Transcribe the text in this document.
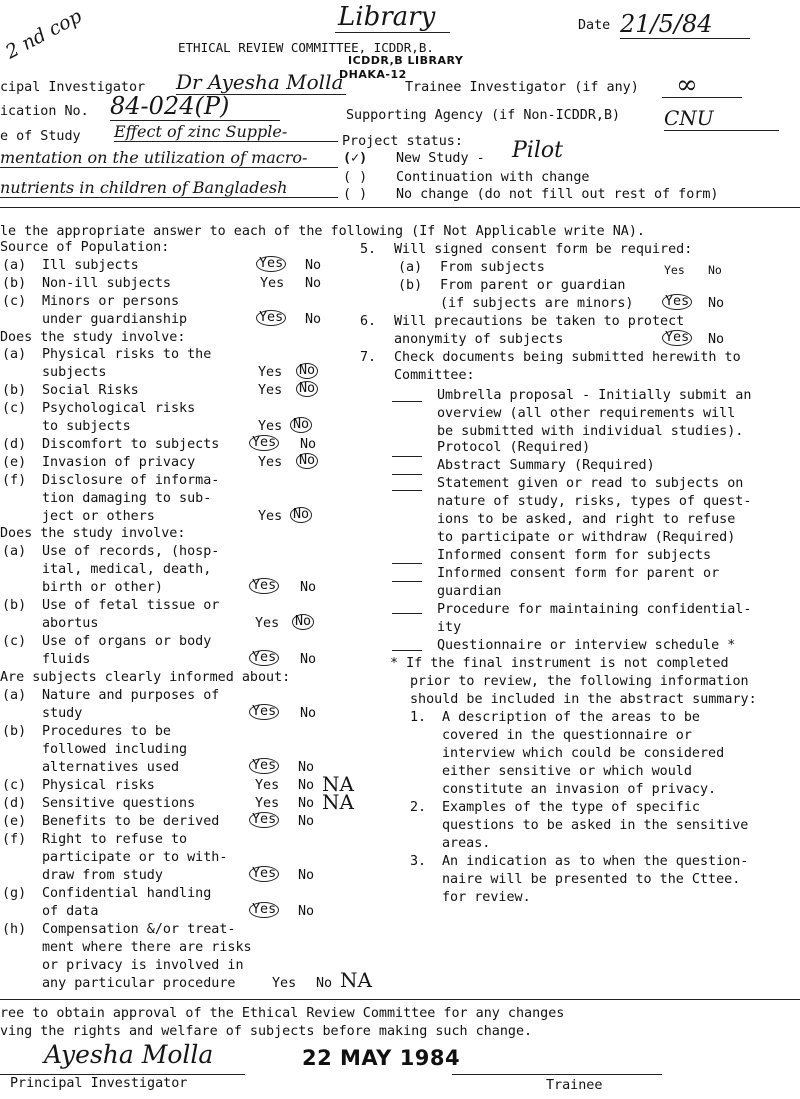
Library
2 nd cop	ETHICAL REVIEW COMMITTEE, ICDDR,B.
ICDDR,B LIBRARY
Date 21/5/84
cipal Investigator Dr Ayesha Molla
DHAKA-12
Trainee Investigator (if any) ∞
ication No. 84-024(P)	Supporting Agency (if Non-ICDDR,B) CNU
e of Study Effect of zinc Supple-
mentation on the utilization of macro-
nutrients in children of Bangladesh
Project status:
(✓) New Study - Pilot
( ) Continuation with change
( ) No change (do not fill out rest of form)
le the appropriate answer to each of the following (If Not Applicable write NA).
Source of Population:
(a) Ill subjects	Yes No
(b) Non-ill subjects	Yes No
(c) Minors or persons
under guardianship	Yes No
Does the study involve:
(a) Physical risks to the
subjects	Yes No
(b) Social Risks	Yes No
(c) Psychological risks
to subjects	Yes No
(d) Discomfort to subjects Yes No
(e) Invasion of privacy	Yes No
(f) Disclosure of informa-
tion damaging to sub-
ject or others	Yes No
Does the study involve:
(a) Use of records, (hosp-
ital, medical, death,
birth or other)	Yes No
(b) Use of fetal tissue or
abortus	Yes No
(c) Use of organs or body
fluids	Yes No
Are subjects clearly informed about:
(a) Nature and purposes of
study	Yes No
(b) Procedures to be
followed including
alternatives used	Yes No
(c) Physical risks	Yes No NA
(d) Sensitive questions	Yes No NA
(e) Benefits to be derived Yes No
(f) Right to refuse to
participate or to with-
draw from study	Yes No
(g) Confidential handling
of data	Yes No
(h) Compensation &/or treat-
ment where there are risks
or privacy is involved in
any particular procedure	Yes No NA
5. Will signed consent form be required:
(a) From subjects	Yes No
(b) From parent or guardian
(if subjects are minors) Yes No
6. Will precautions be taken to protect
anonymity of subjects	Yes No
7. Check documents being submitted herewith to
Committee:
Umbrella proposal - Initially submit an
overview (all other requirements will
be submitted with individual studies).
Protocol (Required)
Abstract Summary (Required)
Statement given or read to subjects on
nature of study, risks, types of quest-
ions to be asked, and right to refuse
to participate or withdraw (Required)
Informed consent form for subjects
Informed consent form for parent or
guardian
Procedure for maintaining confidential-
ity
Questionnaire or interview schedule *
* If the final instrument is not completed
prior to review, the following information
should be included in the abstract summary:
1. A description of the areas to be
covered in the questionnaire or
interview which could be considered
either sensitive or which would
constitute an invasion of privacy.
2. Examples of the type of specific
questions to be asked in the sensitive
areas.
3. An indication as to when the question-
naire will be presented to the Cttee.
for review.
ree to obtain approval of the Ethical Review Committee for any changes
ving the rights and welfare of subjects before making such change.
Ayesha Molla	22 MAY 1984
Principal Investigator	Trainee
